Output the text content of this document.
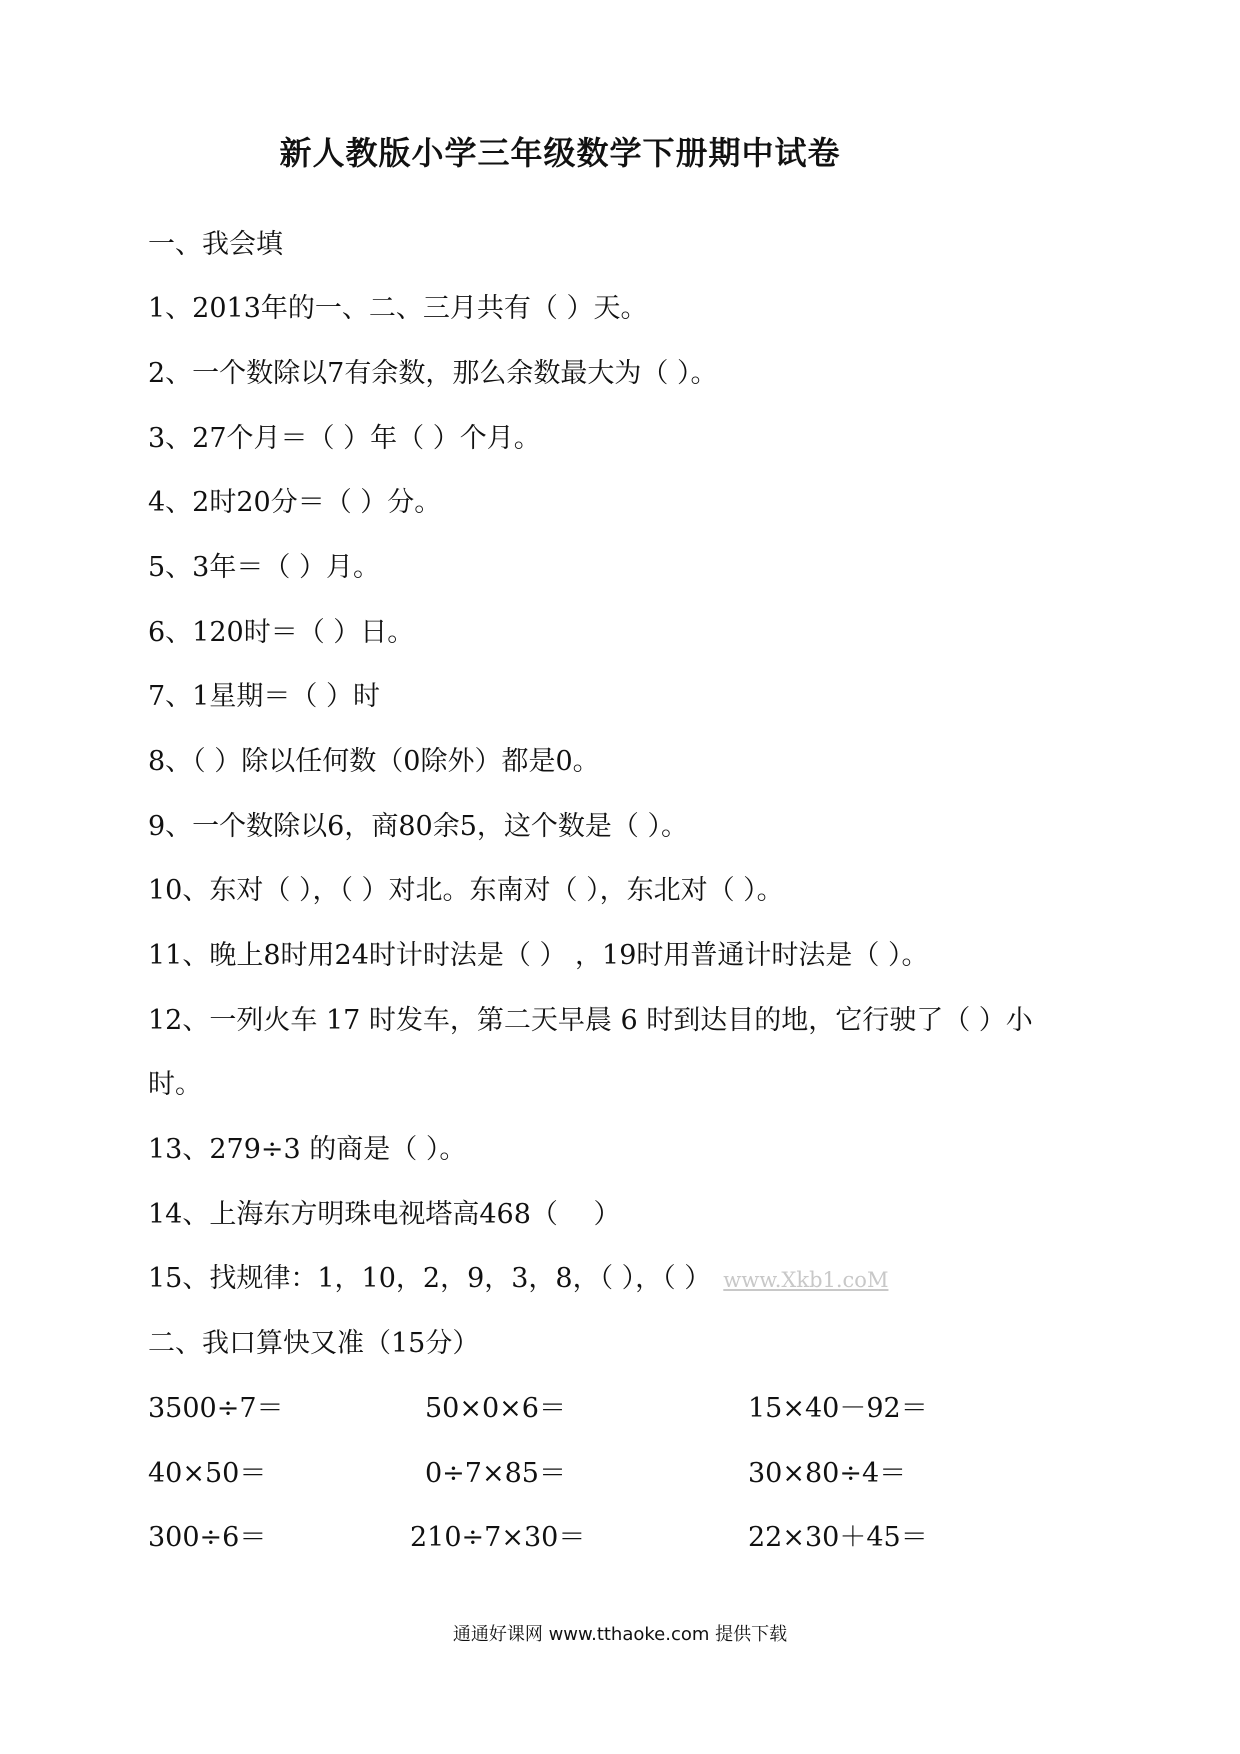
新人教版小学三年级数学下册期中试卷
一、我会填
1、2013年的一、二、三月共有（ ）天。
2、一个数除以7有余数，那么余数最大为（ ）。
3、27个月＝（ ）年（ ）个月。
4、2时20分＝（ ）分。
5、3年＝（ ）月。
6、120时＝（ ）日。
7、1星期＝（ ）时
8、（ ）除以任何数（0除外）都是0。
9、一个数除以6，商80余5，这个数是（ ）。
10、东对（ ），（ ）对北。东南对（ ），东北对（ ）。
11、晚上8时用24时计时法是（ ） ，19时用普通计时法是（ ）。
12、一列火车 17 时发车，第二天早晨 6 时到达目的地，它行驶了（ ）小
时。
13、279÷3 的商是（ ）。
14、上海东方明珠电视塔高468（　 ）
15、找规律：1，10，2，9，3，8，（ ），（ ） www.Xkb1.coM
二、我口算快又准（15分）
3500÷7＝	50×0×6＝	15×40－92＝
40×50＝	0÷7×85＝	30×80÷4＝
300÷6＝	210÷7×30＝	22×30＋45＝
通通好课网 www.tthaoke.com 提供下载
